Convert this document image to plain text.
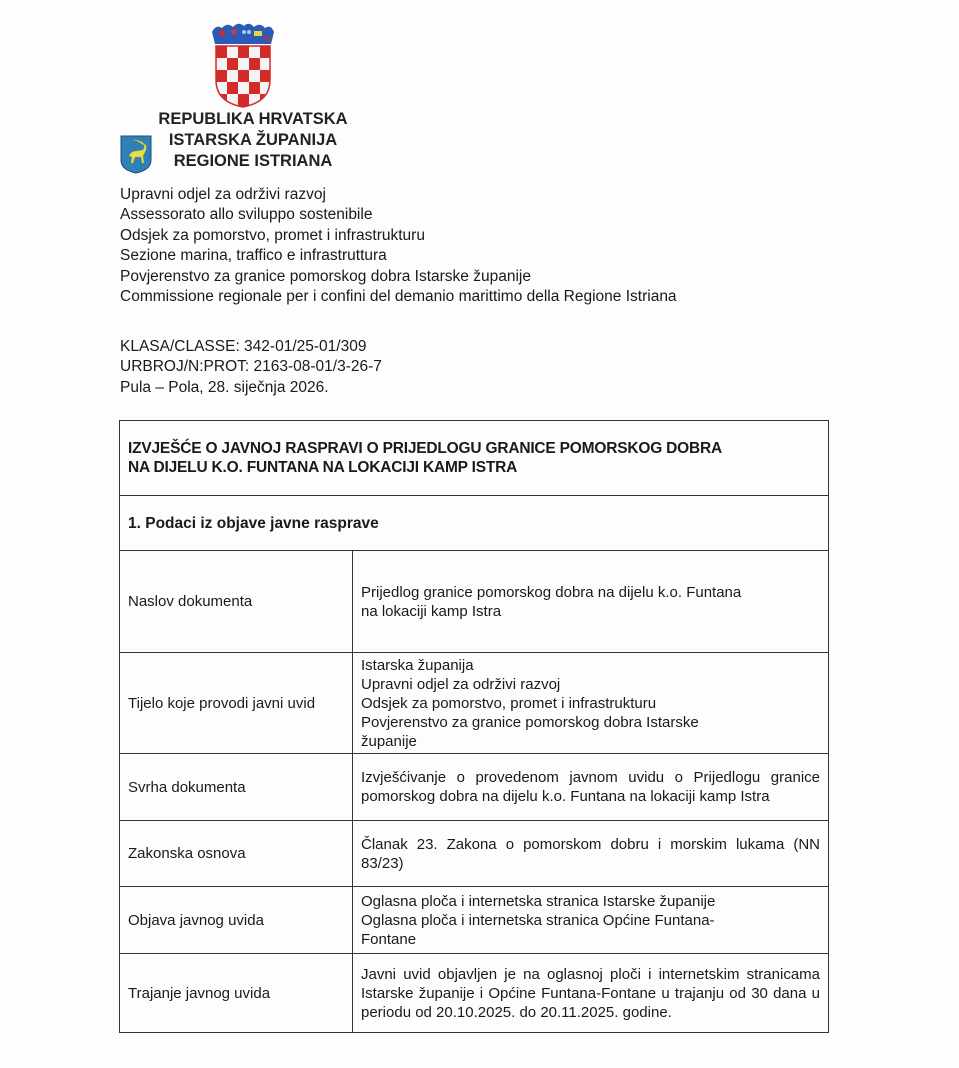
REPUBLIKA HRVATSKA
ISTARSKA ŽUPANIJA
REGIONE ISTRIANA
Upravni odjel za održivi razvoj
Assessorato allo sviluppo sostenibile
Odsjek za pomorstvo, promet i infrastrukturu
Sezione marina, traffico e infrastruttura
Povjerenstvo za granice pomorskog dobra Istarske županije
Commissione regionale per i confini del demanio marittimo della Regione Istriana
KLASA/CLASSE: 342-01/25-01/309
URBROJ/N:PROT: 2163-08-01/3-26-7
Pula – Pola, 28. siječnja 2026.
IZVJEŠĆE O JAVNOJ RASPRAVI O PRIJEDLOGU GRANICE POMORSKOG DOBRA
NA DIJELU K.O. FUNTANA NA LOKACIJI KAMP ISTRA	

1. Podaci iz objave javne rasprave	
Naslov dokumenta	Prijedlog granice pomorskog dobra na dijelu k.o. Funtana
na lokaciji kamp Istra

Tijelo koje provodi javni uvid	Istarska županija
Upravni odjel za održivi razvoj
Odsjek za pomorstvo, promet i infrastrukturu
Povjerenstvo za granice pomorskog dobra Istarske
županije

Svrha dokumenta	Izvješćivanje o provedenom javnom uvidu o Prijedlogu granice pomorskog dobra na dijelu k.o. Funtana na lokaciji kamp Istra
Zakonska osnova	Članak 23. Zakona o pomorskom dobru i morskim lukama (NN 83/23)
Objava javnog uvida	Oglasna ploča i internetska stranica Istarske županije
Oglasna ploča i internetska stranica Općine Funtana-
Fontane

Trajanje javnog uvida	Javni uvid objavljen je na oglasnoj ploči i internetskim stranicama Istarske županije i Općine Funtana-Fontane u trajanju od 30 dana u periodu od 20.10.2025. do 20.11.2025. godine.
